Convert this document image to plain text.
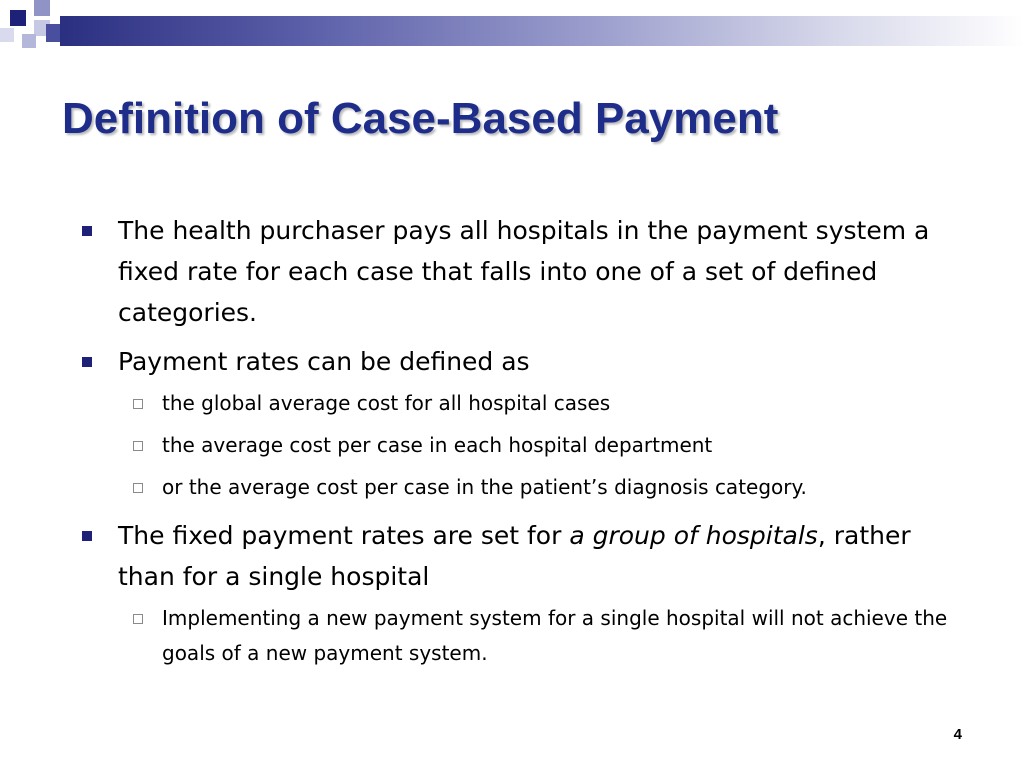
Definition of Case-Based Payment
The health purchaser pays all hospitals in the payment system a fixed rate for each case that falls into one of a set of defined categories.
Payment rates can be defined as
the global average cost for all hospital cases
the average cost per case in each hospital department
or the average cost per case in the patient’s diagnosis category.
The fixed payment rates are set for a group of hospitals, rather than for a single hospital
Implementing a new payment system for a single hospital will not achieve the goals of a new payment system.
4
